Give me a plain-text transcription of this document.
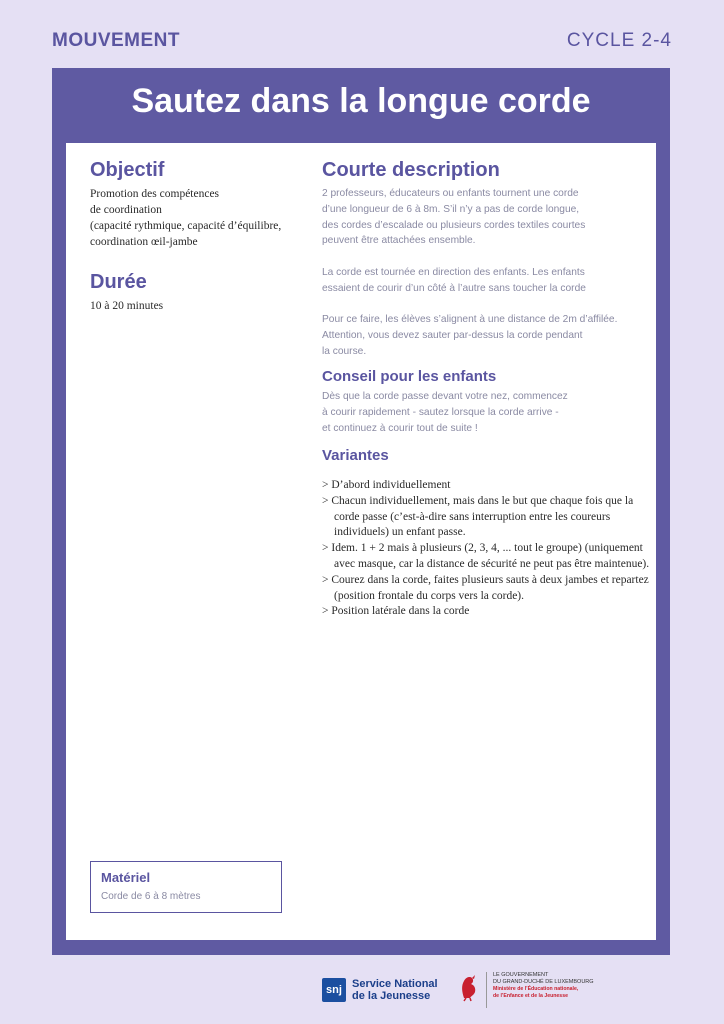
MOUVEMENT	CYCLE 2-4
Sautez dans la longue corde
Objectif
Promotion des compétences
de coordination
(capacité rythmique, capacité d’équilibre,
coordination œil-jambe
Durée
10 à 20 minutes
Courte description
2 professeurs, éducateurs ou enfants tournent une corde
d’une longueur de 6 à 8m. S’il n’y a pas de corde longue,
des cordes d’escalade ou plusieurs cordes textiles courtes
peuvent être attachées ensemble.
La corde est tournée en direction des enfants. Les enfants
essaient de courir d’un côté à l’autre sans toucher la corde
Pour ce faire, les élèves s’alignent à une distance de 2m d’affilée.
Attention, vous devez sauter par-dessus la corde pendant
la course.
Conseil pour les enfants
Dès que la corde passe devant votre nez, commencez
à courir rapidement - sautez lorsque la corde arrive -
et continuez à courir tout de suite !
Variantes
> D’abord individuellement
> Chacun individuellement, mais dans le but que chaque fois que la corde passe (c’est-à-dire sans interruption entre les coureurs individuels) un enfant passe.
> Idem. 1 + 2 mais à plusieurs (2, 3, 4, ... tout le groupe) (uniquement avec masque, car la distance de sécurité ne peut pas être maintenue).
> Courez dans la corde, faites plusieurs sauts à deux jambes et repartez (position frontale du corps vers la corde).
> Position latérale dans la corde
Matériel
Corde de 6 à 8 mètres
snj Service National
de la Jeunesse
LE GOUVERNEMENT
DU GRAND-DUCHÉ DE LUXEMBOURG
Ministère de l’Éducation nationale,
de l’Enfance et de la Jeunesse
